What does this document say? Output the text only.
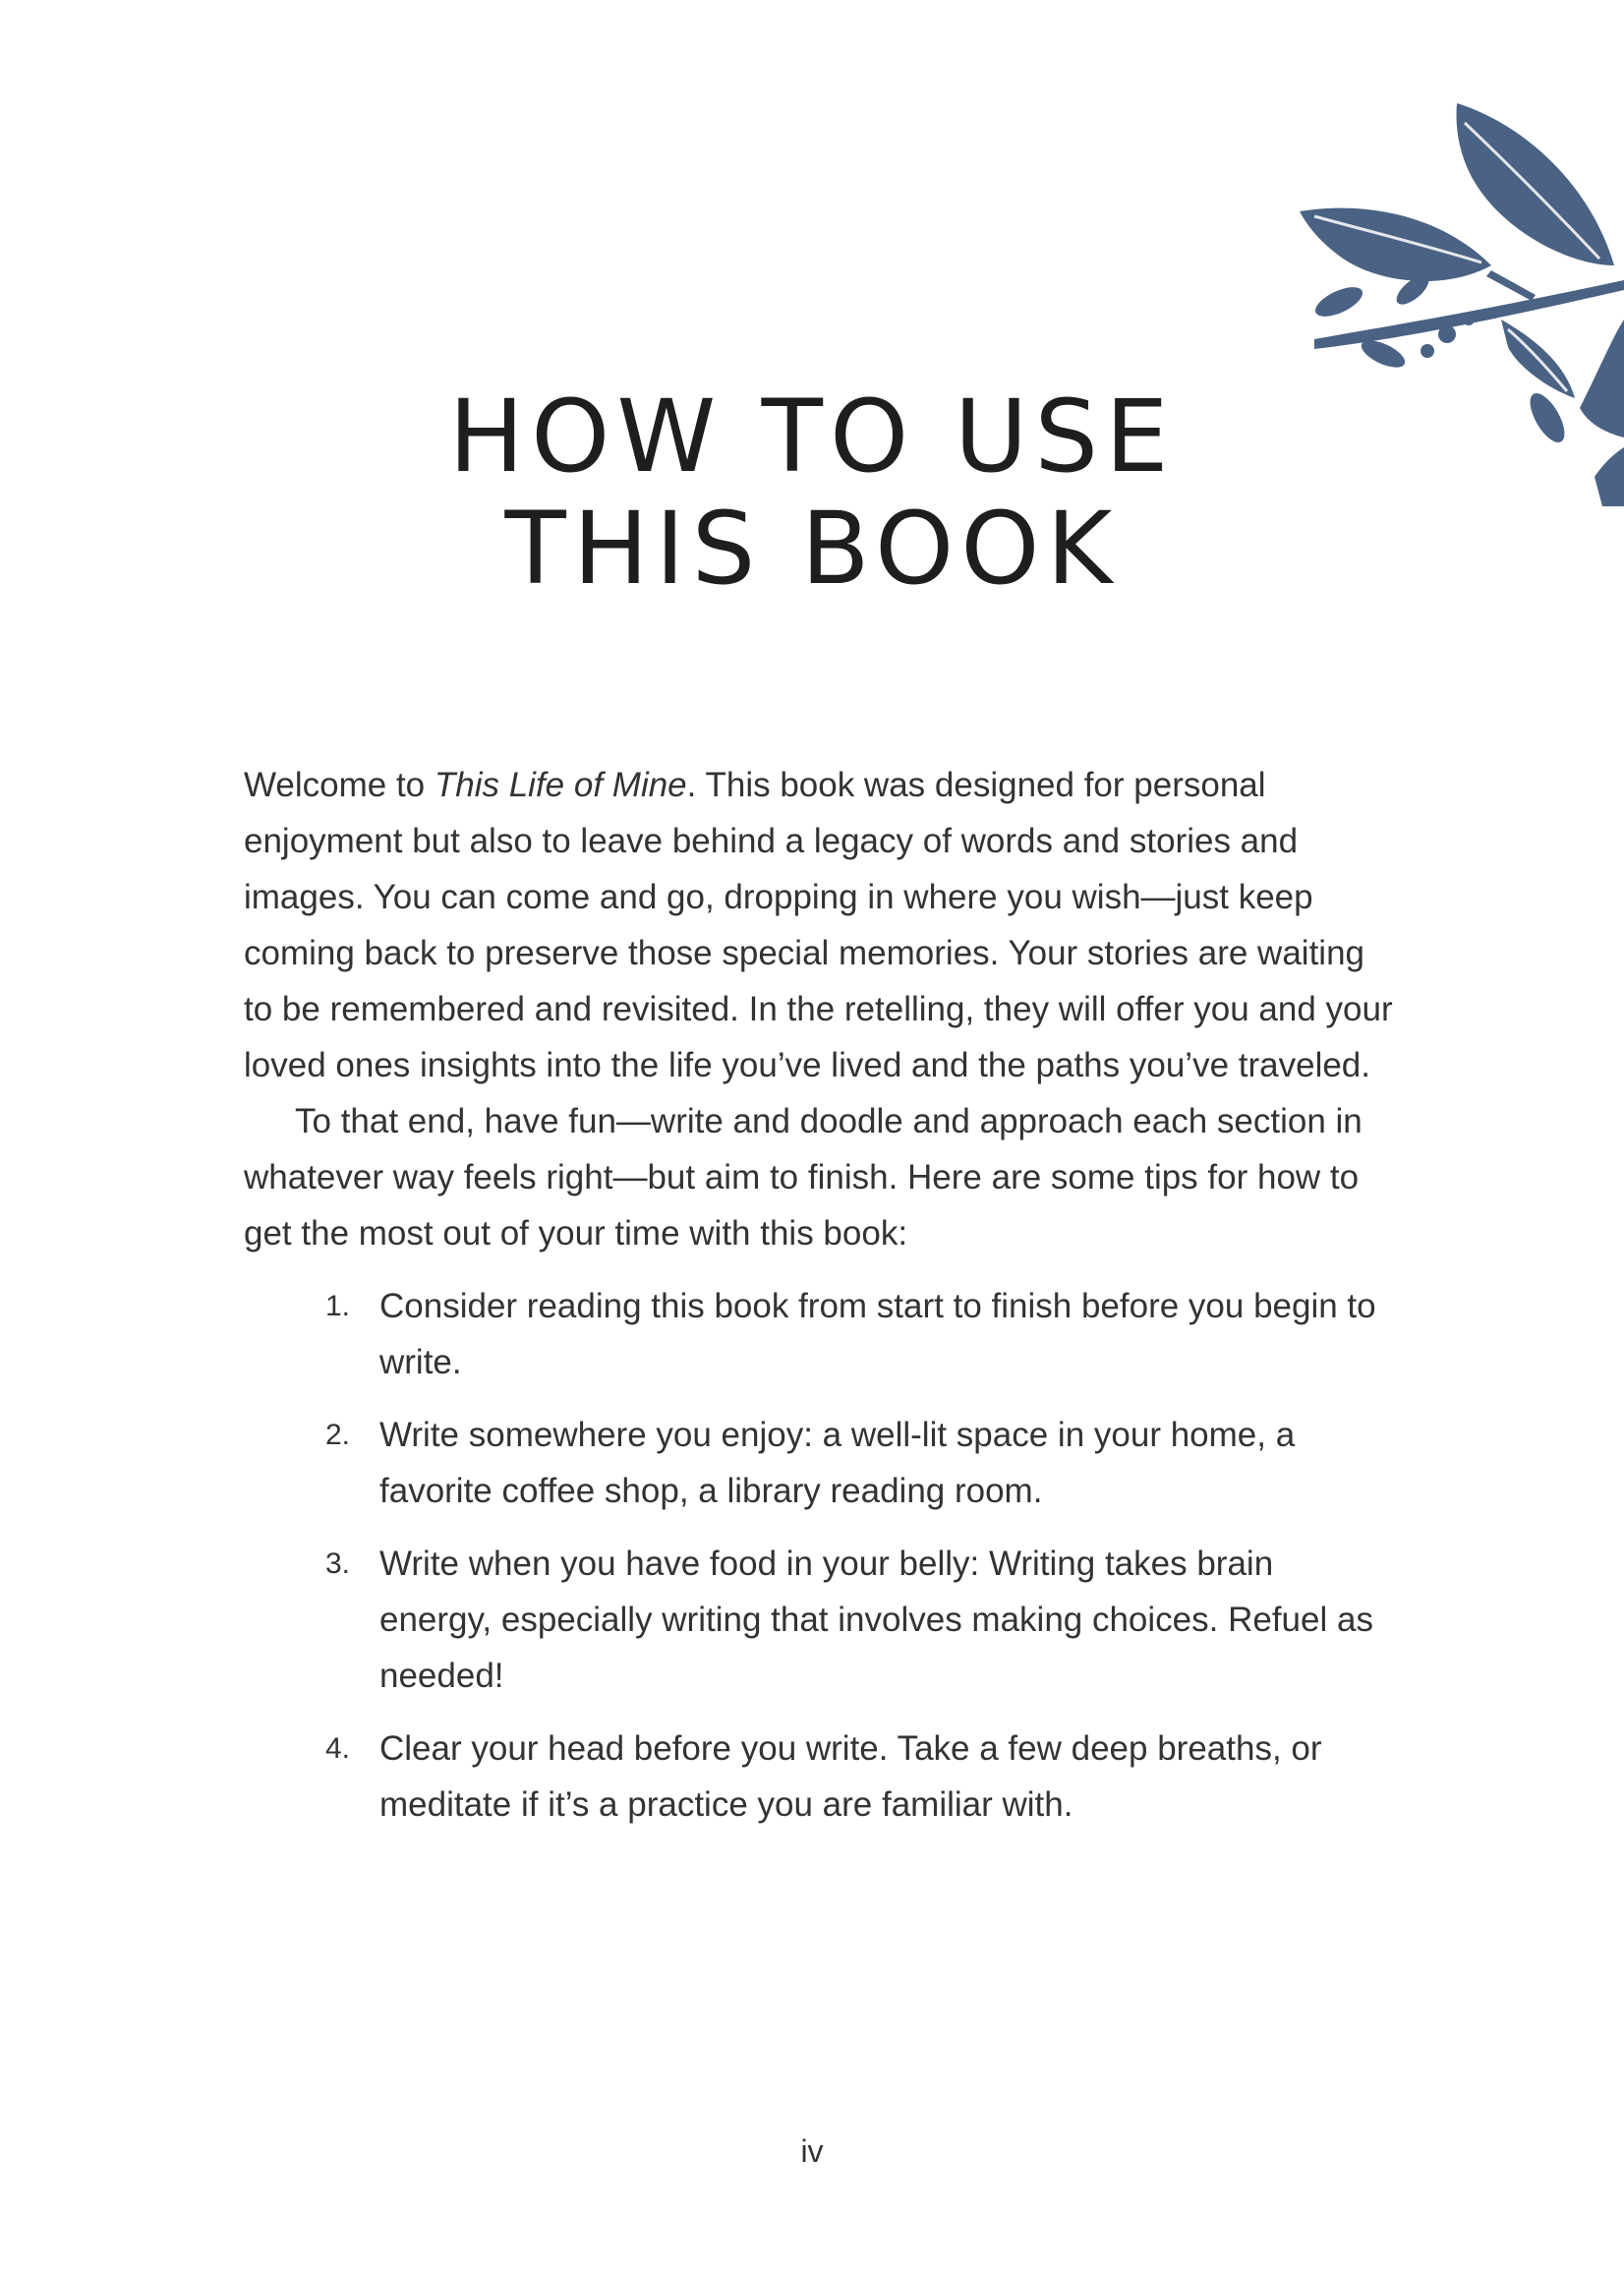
HOW TO USE
THIS BOOK

Welcome to This Life of Mine. This book was designed for personal enjoyment but also to leave behind a legacy of words and stories and images. You can come and go, dropping in where you wish—just keep coming back to preserve those special memories. Your stories are waiting to be remembered and revisited. In the retelling, they will offer you and your loved ones insights into the life you’ve lived and the paths you’ve traveled.

To that end, have fun—write and doodle and approach each section in whatever way feels right—but aim to finish. Here are some tips for how to get the most out of your time with this book:

1. Consider reading this book from start to finish before you begin to write.
2. Write somewhere you enjoy: a well-lit space in your home, a favorite coffee shop, a library reading room.
3. Write when you have food in your belly: Writing takes brain energy, especially writing that involves making choices. Refuel as needed!
4. Clear your head before you write. Take a few deep breaths, or meditate if it’s a practice you are familiar with.
iv
